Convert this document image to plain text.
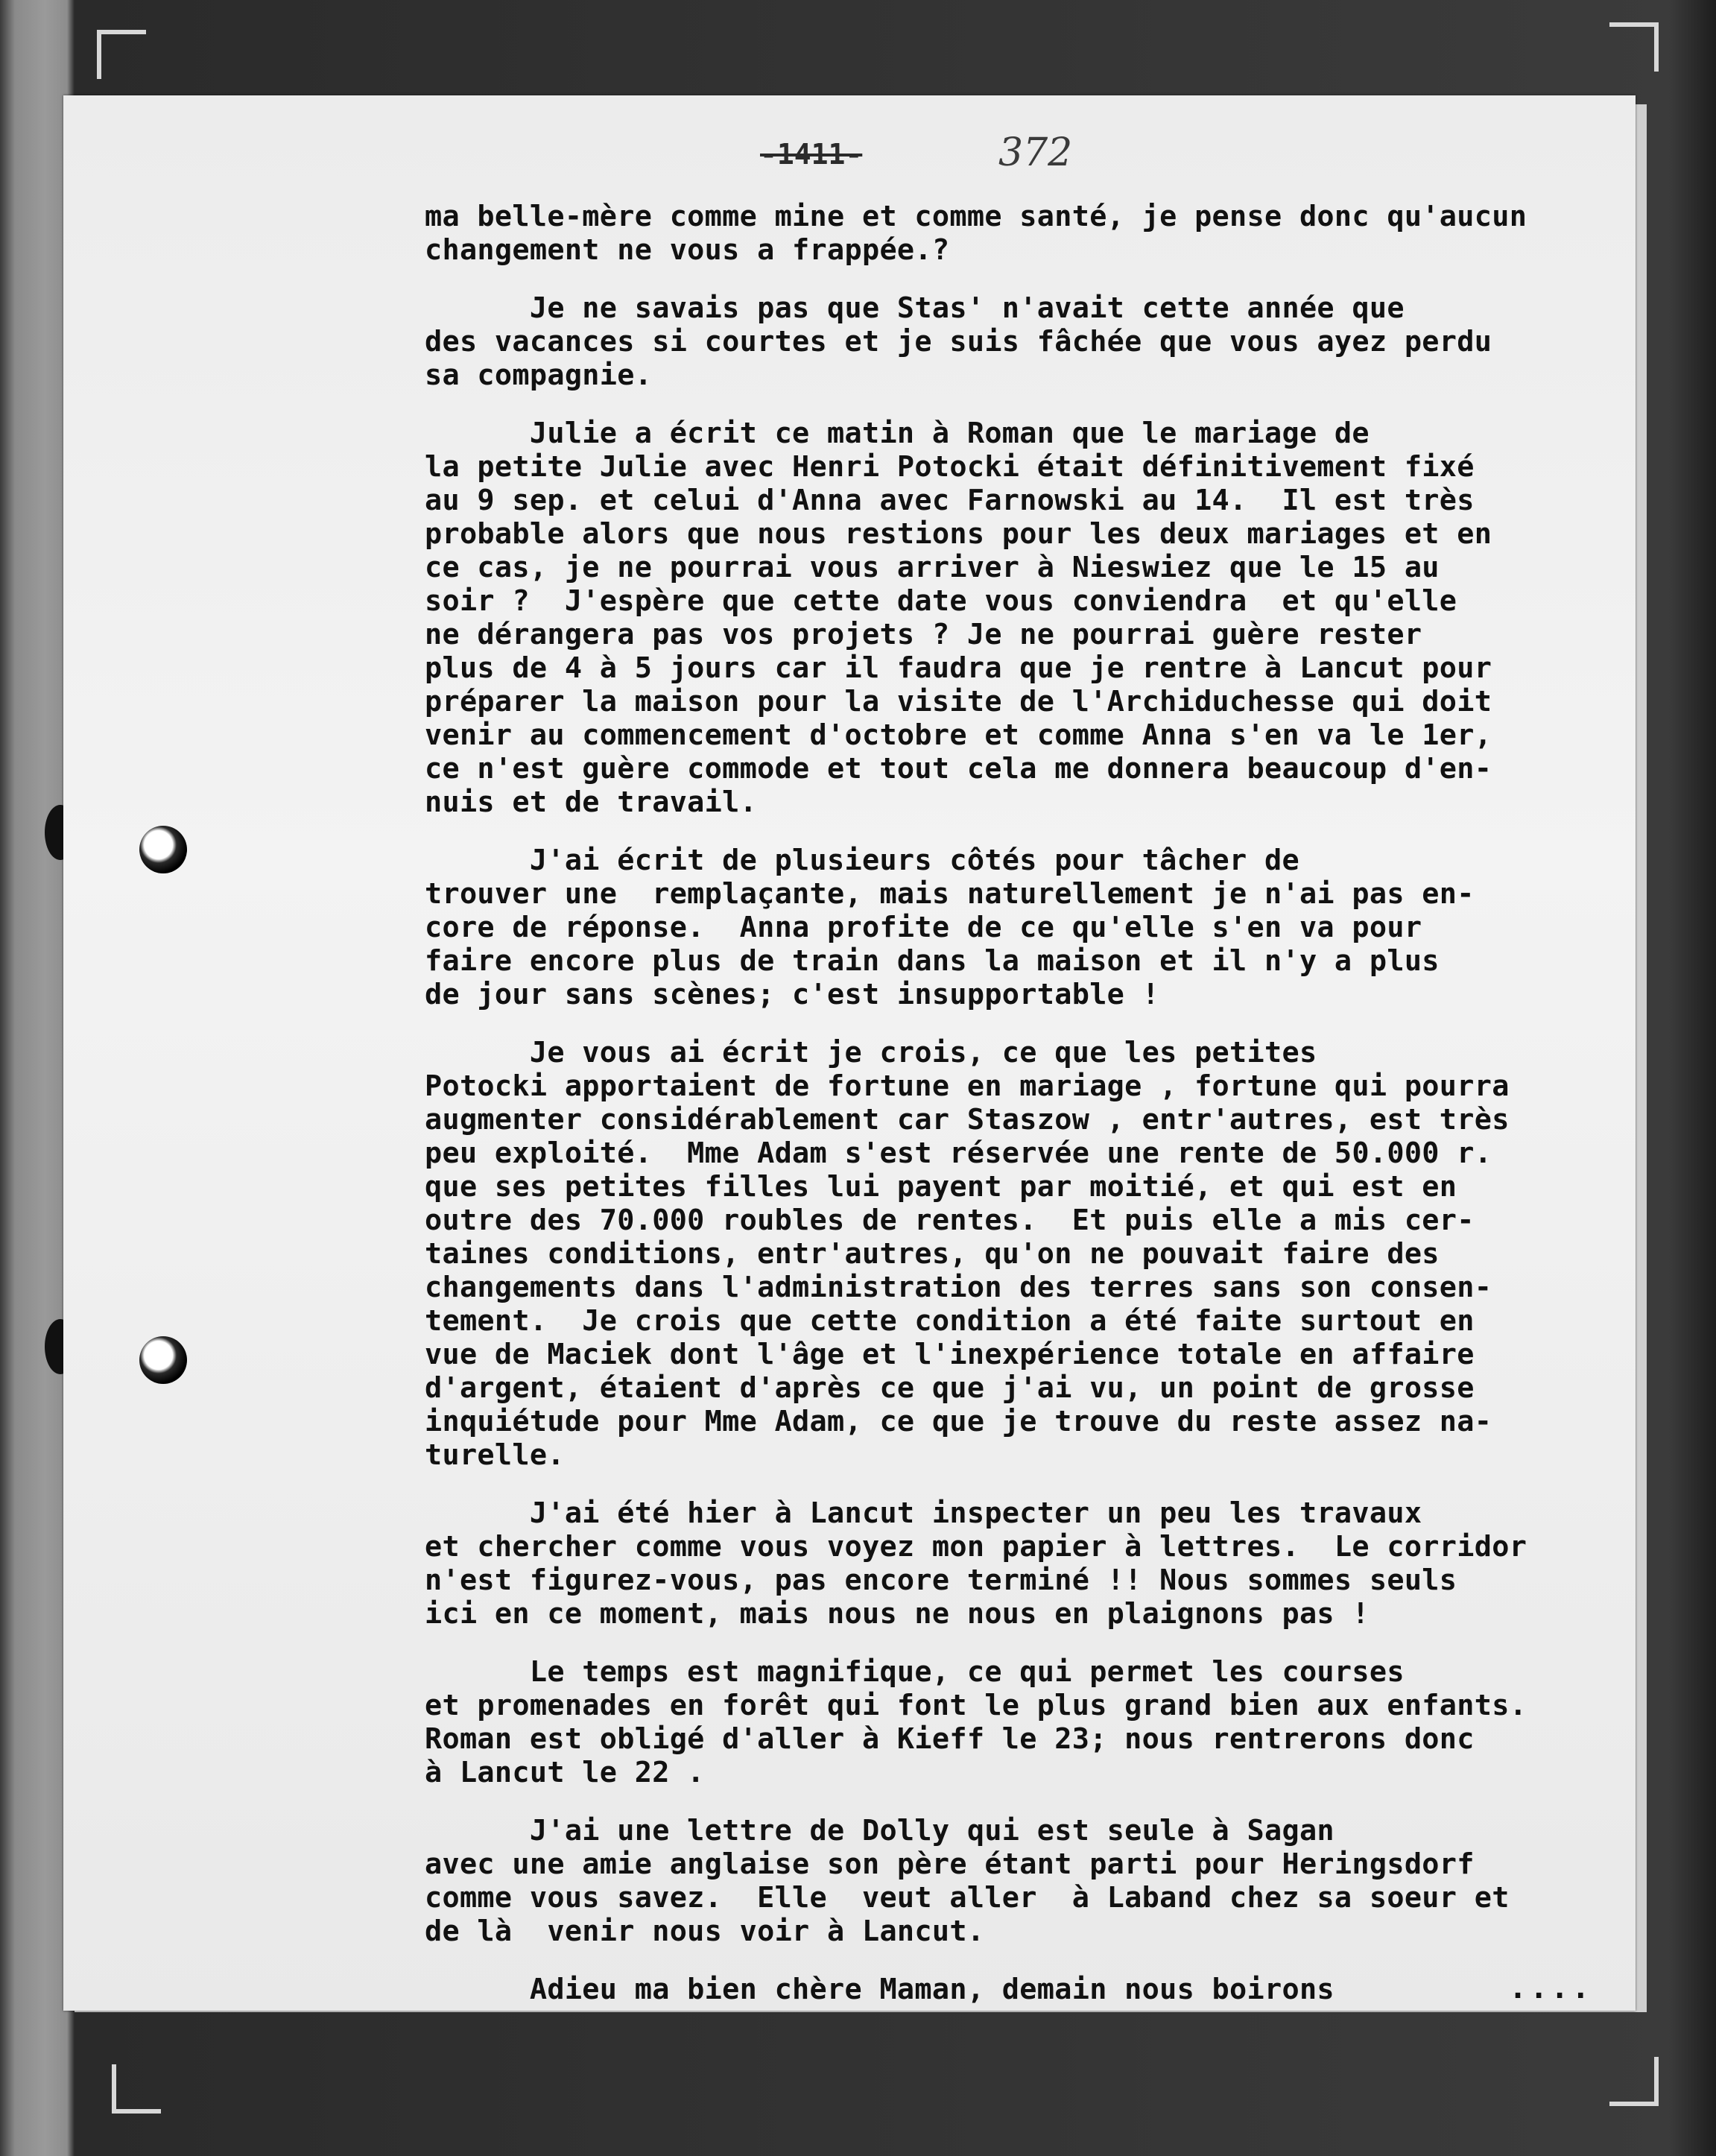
-1411-	372
ma belle-mère comme mine et comme santé, je pense donc qu'aucun
changement ne vous a frappée.?
Je ne savais pas que Stas' n'avait cette année que
des vacances si courtes et je suis fâchée que vous ayez perdu
sa compagnie.
Julie a écrit ce matin à Roman que le mariage de
la petite Julie avec Henri Potocki était définitivement fixé
au 9 sep. et celui d'Anna avec Farnowski au 14.  Il est très
probable alors que nous restions pour les deux mariages et en
ce cas, je ne pourrai vous arriver à Nieswiez que le 15 au
soir ?  J'espère que cette date vous conviendra  et qu'elle
ne dérangera pas vos projets ? Je ne pourrai guère rester
plus de 4 à 5 jours car il faudra que je rentre à Lancut pour
préparer la maison pour la visite de l'Archiduchesse qui doit
venir au commencement d'octobre et comme Anna s'en va le 1er,
ce n'est guère commode et tout cela me donnera beaucoup d'en-
nuis et de travail.
J'ai écrit de plusieurs côtés pour tâcher de
trouver une  remplaçante, mais naturellement je n'ai pas en-
core de réponse.  Anna profite de ce qu'elle s'en va pour
faire encore plus de train dans la maison et il n'y a plus
de jour sans scènes; c'est insupportable !
Je vous ai écrit je crois, ce que les petites
Potocki apportaient de fortune en mariage , fortune qui pourra
augmenter considérablement car Staszow , entr'autres, est très
peu exploité.  Mme Adam s'est réservée une rente de 50.000 r.
que ses petites filles lui payent par moitié, et qui est en
outre des 70.000 roubles de rentes.  Et puis elle a mis cer-
taines conditions, entr'autres, qu'on ne pouvait faire des
changements dans l'administration des terres sans son consen-
tement.  Je crois que cette condition a été faite surtout en
vue de Maciek dont l'âge et l'inexpérience totale en affaire
d'argent, étaient d'après ce que j'ai vu, un point de grosse
inquiétude pour Mme Adam, ce que je trouve du reste assez na-
turelle.
J'ai été hier à Lancut inspecter un peu les travaux
et chercher comme vous voyez mon papier à lettres.  Le corridor
n'est figurez-vous, pas encore terminé !! Nous sommes seuls
ici en ce moment, mais nous ne nous en plaignons pas !
Le temps est magnifique, ce qui permet les courses
et promenades en forêt qui font le plus grand bien aux enfants.
Roman est obligé d'aller à Kieff le 23; nous rentrerons donc
à Lancut le 22 .
J'ai une lettre de Dolly qui est seule à Sagan
avec une amie anglaise son père étant parti pour Heringsdorf
comme vous savez.  Elle  veut aller  à Laband chez sa soeur et
de là  venir nous voir à Lancut.
Adieu ma bien chère Maman, demain nous boirons	....
